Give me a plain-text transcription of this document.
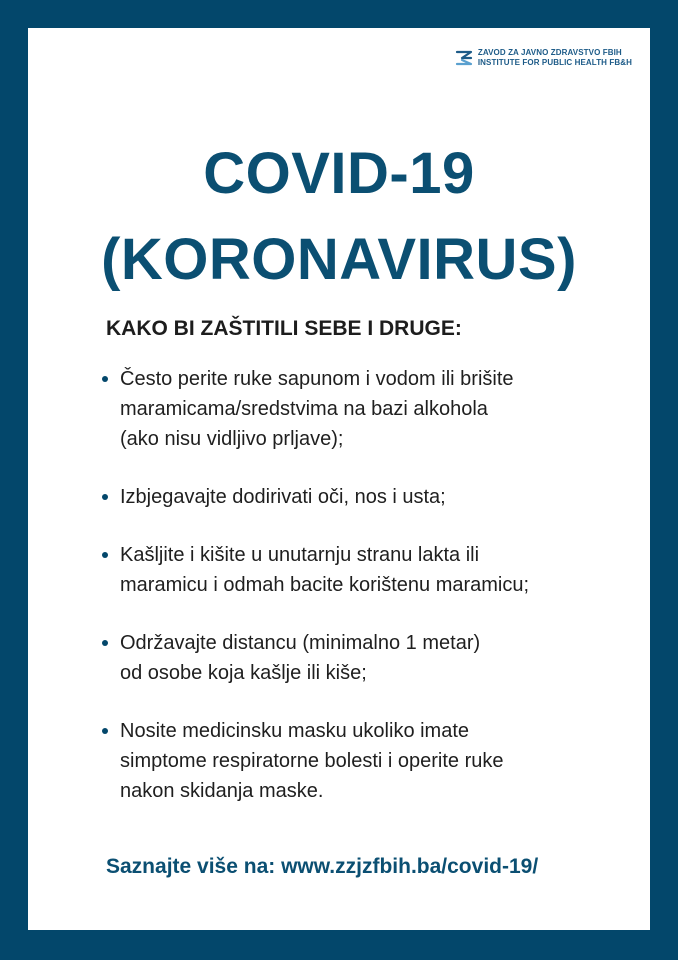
ZAVOD ZA JAVNO ZDRAVSTVO FBIH
INSTITUTE FOR PUBLIC HEALTH FB&H
COVID-19
(KORONAVIRUS)
KAKO BI ZAŠTITILI SEBE I DRUGE:
Često perite ruke sapunom i vodom ili brišite
maramicama/sredstvima na bazi alkohola
(ako nisu vidljivo prljave);
Izbjegavajte dodirivati oči, nos i usta;
Kašljite i kišite u unutarnju stranu lakta ili
maramicu i odmah bacite korištenu maramicu;
Održavajte distancu (minimalno 1 metar)
od osobe koja kašlje ili kiše;
Nosite medicinsku masku ukoliko imate
simptome respiratorne bolesti i operite ruke
nakon skidanja maske.
Saznajte više na: www.zzjzfbih.ba/covid-19/
